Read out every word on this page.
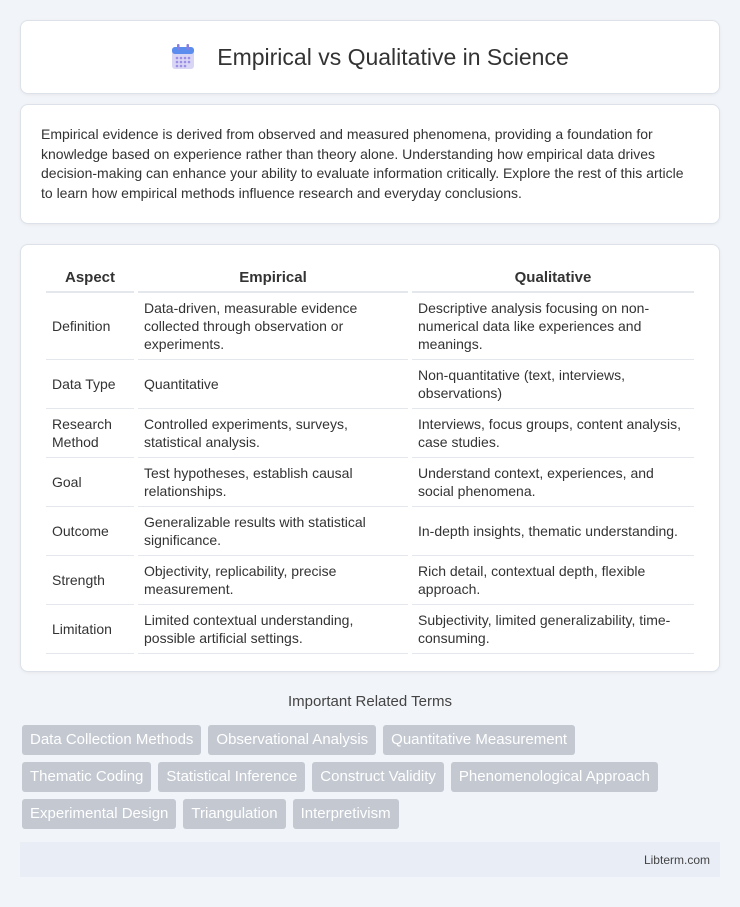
Empirical vs Qualitative in Science

Empirical evidence is derived from observed and measured phenomena, providing a foundation for knowledge based on experience rather than theory alone. Understanding how empirical data drives decision-making can enhance your ability to evaluate information critically. Explore the rest of this article to learn how empirical methods influence research and everyday conclusions.

Aspect	Empirical	Qualitative
Definition	Data-driven, measurable evidence collected through observation or experiments.	Descriptive analysis focusing on non-numerical data like experiences and meanings.
Data Type	Quantitative	Non-quantitative (text, interviews, observations)
Research Method	Controlled experiments, surveys, statistical analysis.	Interviews, focus groups, content analysis, case studies.
Goal	Test hypotheses, establish causal relationships.	Understand context, experiences, and social phenomena.
Outcome	Generalizable results with statistical significance.	In-depth insights, thematic understanding.
Strength	Objectivity, replicability, precise measurement.	Rich detail, contextual depth, flexible approach.
Limitation	Limited contextual understanding, possible artificial settings.	Subjectivity, limited generalizability, time-consuming.
Important Related Terms
Data Collection Methods	Observational Analysis	Quantitative Measurement
Thematic Coding	Statistical Inference	Construct Validity	Phenomenological Approach
Experimental Design	Triangulation	Interpretivism
Libterm.com
